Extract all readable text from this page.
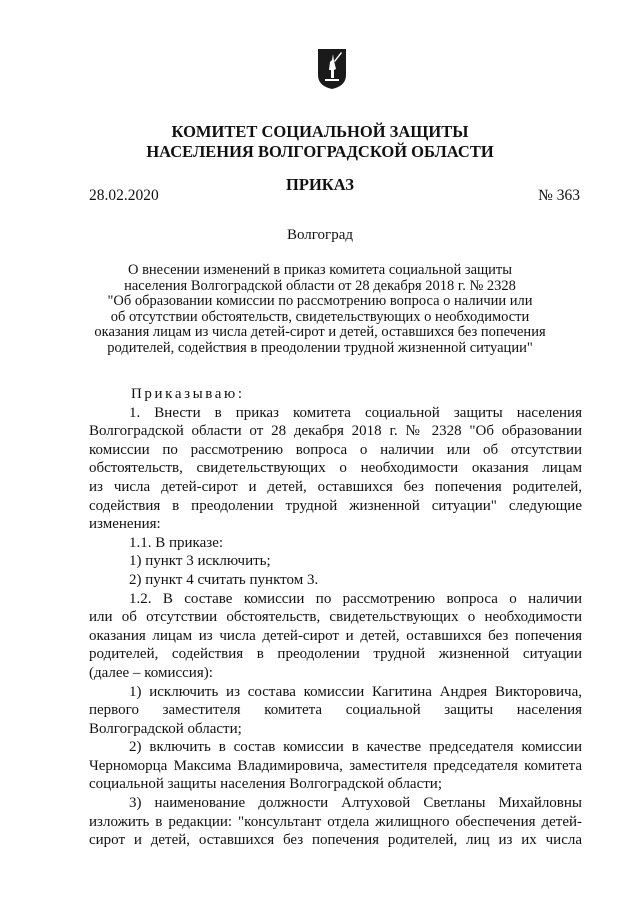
КОМИТЕТ СОЦИАЛЬНОЙ ЗАЩИТЫ
НАСЕЛЕНИЯ ВОЛГОГРАДСКОЙ ОБЛАСТИ
ПРИКАЗ
28.02.2020	№ 363
Волгоград
О внесении изменений в приказ комитета социальной защиты
населения Волгоградской области от 28 декабря 2018 г. № 2328
"Об образовании комиссии по рассмотрению вопроса о наличии или
об отсутствии обстоятельств, свидетельствующих о необходимости
оказания лицам из числа детей-сирот и детей, оставшихся без попечения
родителей, содействия в преодолении трудной жизненной ситуации"
Приказываю:
1. Внести в приказ комитета социальной защиты населения
Волгоградской области от 28 декабря 2018 г. № 2328 "Об образовании
комиссии по рассмотрению вопроса о наличии или об отсутствии
обстоятельств, свидетельствующих о необходимости оказания лицам
из числа детей-сирот и детей, оставшихся без попечения родителей,
содействия в преодолении трудной жизненной ситуации" следующие
изменения:
1.1. В приказе:
1) пункт 3 исключить;
2) пункт 4 считать пунктом 3.
1.2. В составе комиссии по рассмотрению вопроса о наличии
или об отсутствии обстоятельств, свидетельствующих о необходимости
оказания лицам из числа детей-сирот и детей, оставшихся без попечения
родителей, содействия в преодолении трудной жизненной ситуации
(далее – комиссия):
1) исключить из состава комиссии Кагитина Андрея Викторовича,
первого заместителя комитета социальной защиты населения
Волгоградской области;
2) включить в состав комиссии в качестве председателя комиссии
Черноморца Максима Владимировича, заместителя председателя комитета
социальной защиты населения Волгоградской области;
3) наименование должности Алтуховой Светланы Михайловны
изложить в редакции: "консультант отдела жилищного обеспечения детей-
сирот и детей, оставшихся без попечения родителей, лиц из их числа
